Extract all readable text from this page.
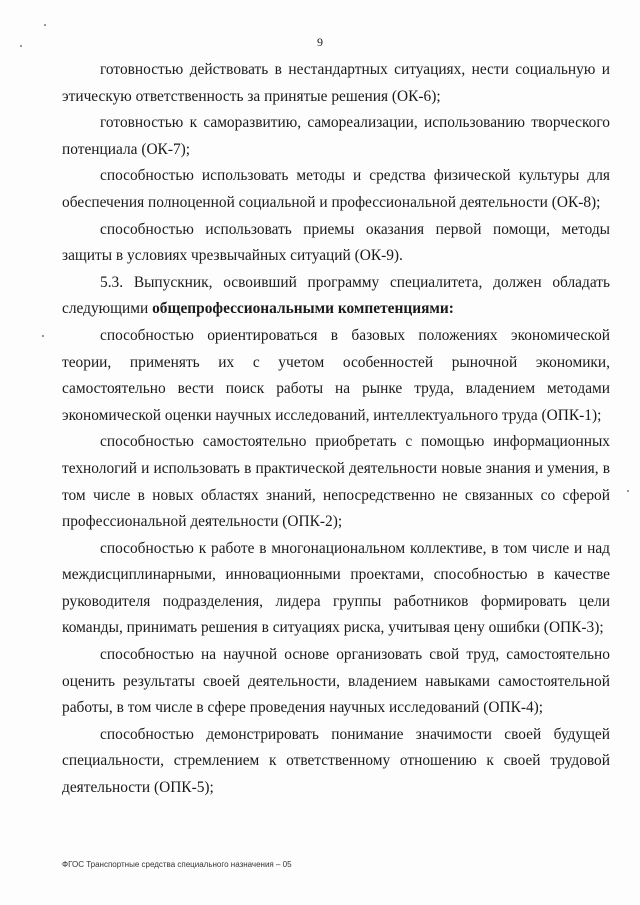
9

готовностью действовать в нестандартных ситуациях, нести социальную и этическую ответственность за принятые решения (ОК-6);

готовностью к саморазвитию, самореализации, использованию творческого потенциала (ОК-7);

способностью использовать методы и средства физической культуры для обеспечения полноценной социальной и профессиональной деятельности (ОК-8);

способностью использовать приемы оказания первой помощи, методы защиты в условиях чрезвычайных ситуаций (ОК-9).

5.3. Выпускник, освоивший программу специалитета, должен обладать следующими общепрофессиональными компетенциями:

способностью ориентироваться в базовых положениях экономической теории, применять их с учетом особенностей рыночной экономики, самостоятельно вести поиск работы на рынке труда, владением методами экономической оценки научных исследований, интеллектуального труда (ОПК-1);

способностью самостоятельно приобретать с помощью информационных технологий и использовать в практической деятельности новые знания и умения, в том числе в новых областях знаний, непосредственно не связанных со сферой профессиональной деятельности (ОПК-2);

способностью к работе в многонациональном коллективе, в том числе и над междисциплинарными, инновационными проектами, способностью в качестве руководителя подразделения, лидера группы работников формировать цели команды, принимать решения в ситуациях риска, учитывая цену ошибки (ОПК-3);

способностью на научной основе организовать свой труд, самостоятельно оценить результаты своей деятельности, владением навыками самостоятельной работы, в том числе в сфере проведения научных исследований (ОПК-4);

способностью демонстрировать понимание значимости своей будущей специальности, стремлением к ответственному отношению к своей трудовой деятельности (ОПК-5);

ФГОС Транспортные средства специального назначения – 05
